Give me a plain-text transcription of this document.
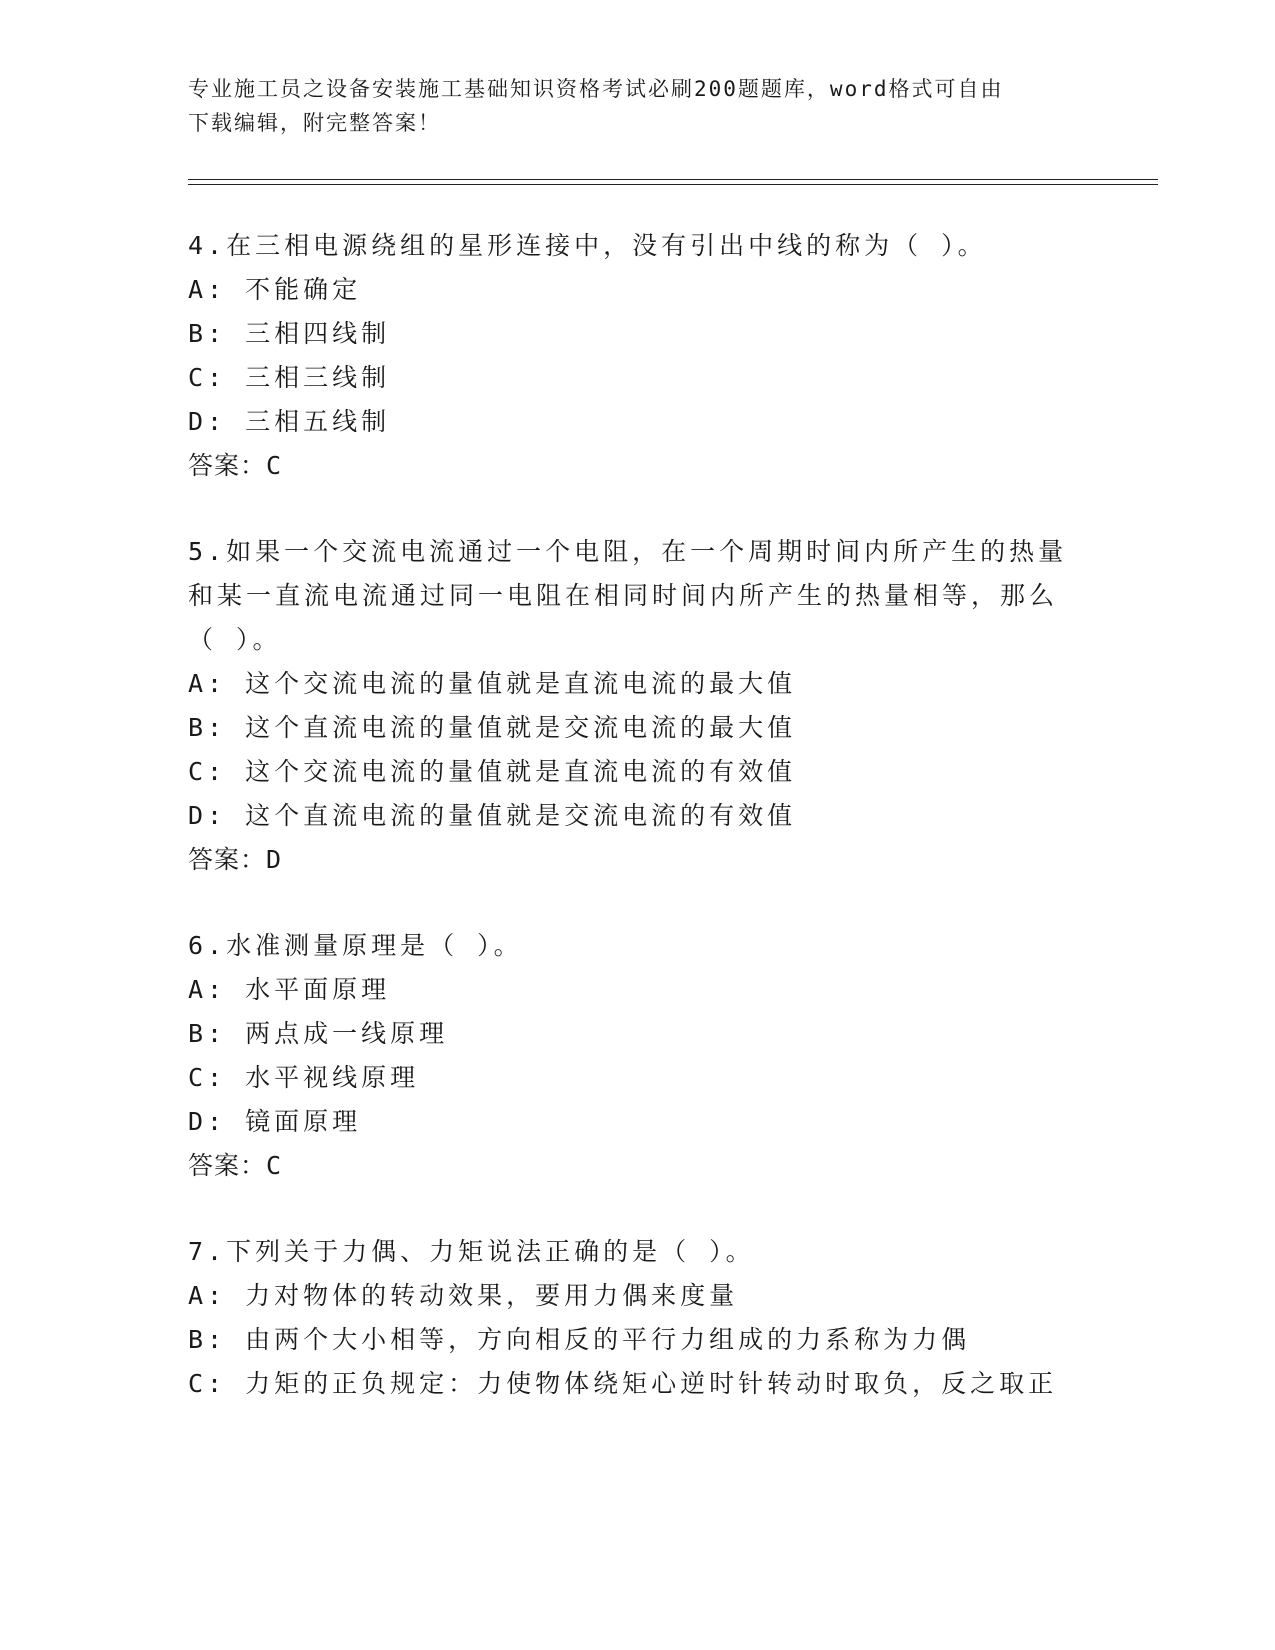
专业施工员之设备安装施工基础知识资格考试必刷200题题库，word格式可自由
下载编辑，附完整答案！
4.在三相电源绕组的星形连接中，没有引出中线的称为（ ）。
A: 不能确定
B: 三相四线制
C: 三相三线制
D: 三相五线制
答案：C
5.如果一个交流电流通过一个电阻，在一个周期时间内所产生的热量
和某一直流电流通过同一电阻在相同时间内所产生的热量相等，那么
（ ）。
A: 这个交流电流的量值就是直流电流的最大值
B: 这个直流电流的量值就是交流电流的最大值
C: 这个交流电流的量值就是直流电流的有效值
D: 这个直流电流的量值就是交流电流的有效值
答案：D
6.水准测量原理是（ ）。
A: 水平面原理
B: 两点成一线原理
C: 水平视线原理
D: 镜面原理
答案：C
7.下列关于力偶、力矩说法正确的是（ ）。
A: 力对物体的转动效果，要用力偶来度量
B: 由两个大小相等，方向相反的平行力组成的力系称为力偶
C: 力矩的正负规定：力使物体绕矩心逆时针转动时取负，反之取正
